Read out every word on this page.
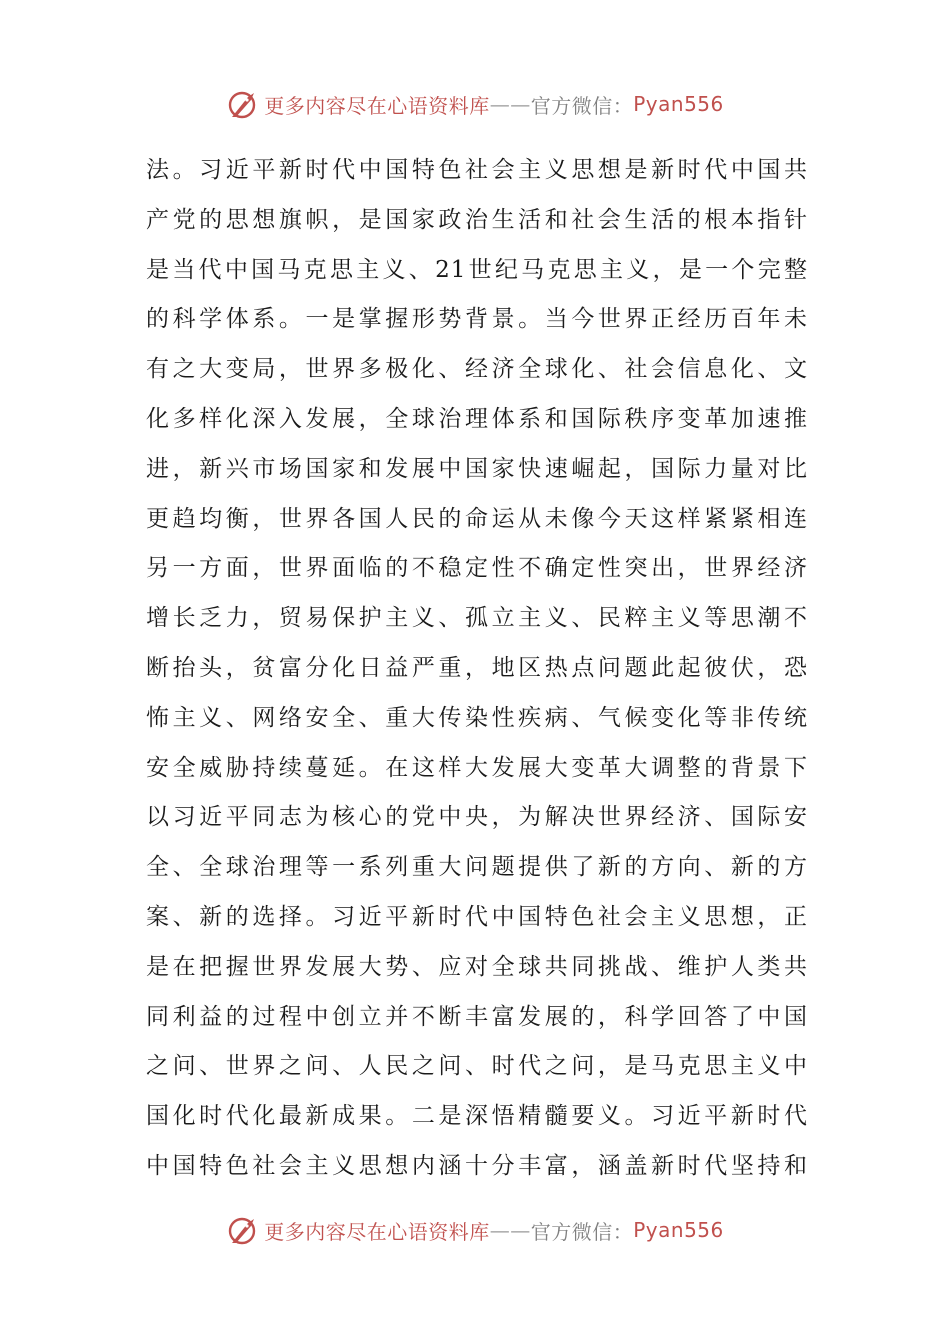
更多内容尽在心语资料库 —— 官方微信： Pyan556
法。习近平新时代中国特色社会主义思想是新时代中国共
产党的思想旗帜，是国家政治生活和社会生活的根本指针
是当代中国马克思主义、21世纪马克思主义，是一个完整
的科学体系。一是掌握形势背景。当今世界正经历百年未
有之大变局，世界多极化、经济全球化、社会信息化、文
化多样化深入发展，全球治理体系和国际秩序变革加速推
进，新兴市场国家和发展中国家快速崛起，国际力量对比
更趋均衡，世界各国人民的命运从未像今天这样紧紧相连
另一方面，世界面临的不稳定性不确定性突出，世界经济
增长乏力，贸易保护主义、孤立主义、民粹主义等思潮不
断抬头，贫富分化日益严重，地区热点问题此起彼伏，恐
怖主义、网络安全、重大传染性疾病、气候变化等非传统
安全威胁持续蔓延。在这样大发展大变革大调整的背景下
以习近平同志为核心的党中央，为解决世界经济、国际安
全、全球治理等一系列重大问题提供了新的方向、新的方
案、新的选择。习近平新时代中国特色社会主义思想，正
是在把握世界发展大势、应对全球共同挑战、维护人类共
同利益的过程中创立并不断丰富发展的，科学回答了中国
之问、世界之问、人民之问、时代之问，是马克思主义中
国化时代化最新成果。二是深悟精髓要义。习近平新时代
中国特色社会主义思想内涵十分丰富，涵盖新时代坚持和
更多内容尽在心语资料库 —— 官方微信： Pyan556
